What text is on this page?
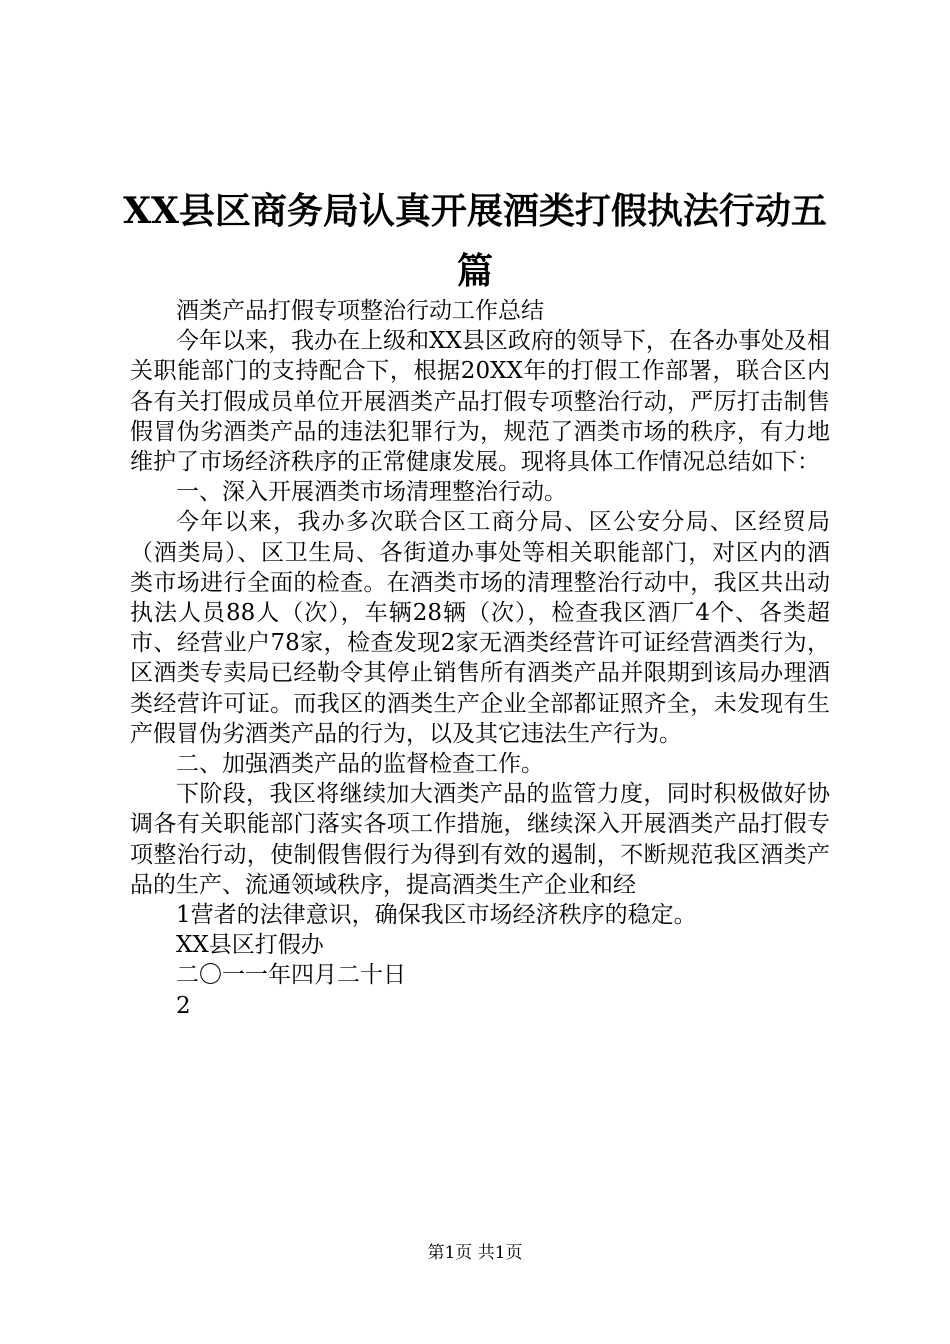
XX县区商务局认真开展酒类打假执法行动五
篇

酒类产品打假专项整治行动工作总结

今年以来，我办在上级和XX县区政府的领导下，在各办事处及相关职能部门的支持配合下，根据20XX年的打假工作部署，联合区内各有关打假成员单位开展酒类产品打假专项整治行动，严厉打击制售假冒伪劣酒类产品的违法犯罪行为，规范了酒类市场的秩序，有力地维护了市场经济秩序的正常健康发展。现将具体工作情况总结如下：

一、深入开展酒类市场清理整治行动。

今年以来，我办多次联合区工商分局、区公安分局、区经贸局（酒类局）、区卫生局、各街道办事处等相关职能部门，对区内的酒类市场进行全面的检查。在酒类市场的清理整治行动中，我区共出动执法人员88人（次），车辆28辆（次），检查我区酒厂4个、各类超市、经营业户78家，检查发现2家无酒类经营许可证经营酒类行为，区酒类专卖局已经勒令其停止销售所有酒类产品并限期到该局办理酒类经营许可证。而我区的酒类生产企业全部都证照齐全，未发现有生产假冒伪劣酒类产品的行为，以及其它违法生产行为。

二、加强酒类产品的监督检查工作。

下阶段，我区将继续加大酒类产品的监管力度，同时积极做好协调各有关职能部门落实各项工作措施，继续深入开展酒类产品打假专项整治行动，使制假售假行为得到有效的遏制，不断规范我区酒类产品的生产、流通领域秩序，提高酒类生产企业和经

1营者的法律意识，确保我区市场经济秩序的稳定。

XX县区打假办

二〇一一年四月二十日

2

第1页 共1页
